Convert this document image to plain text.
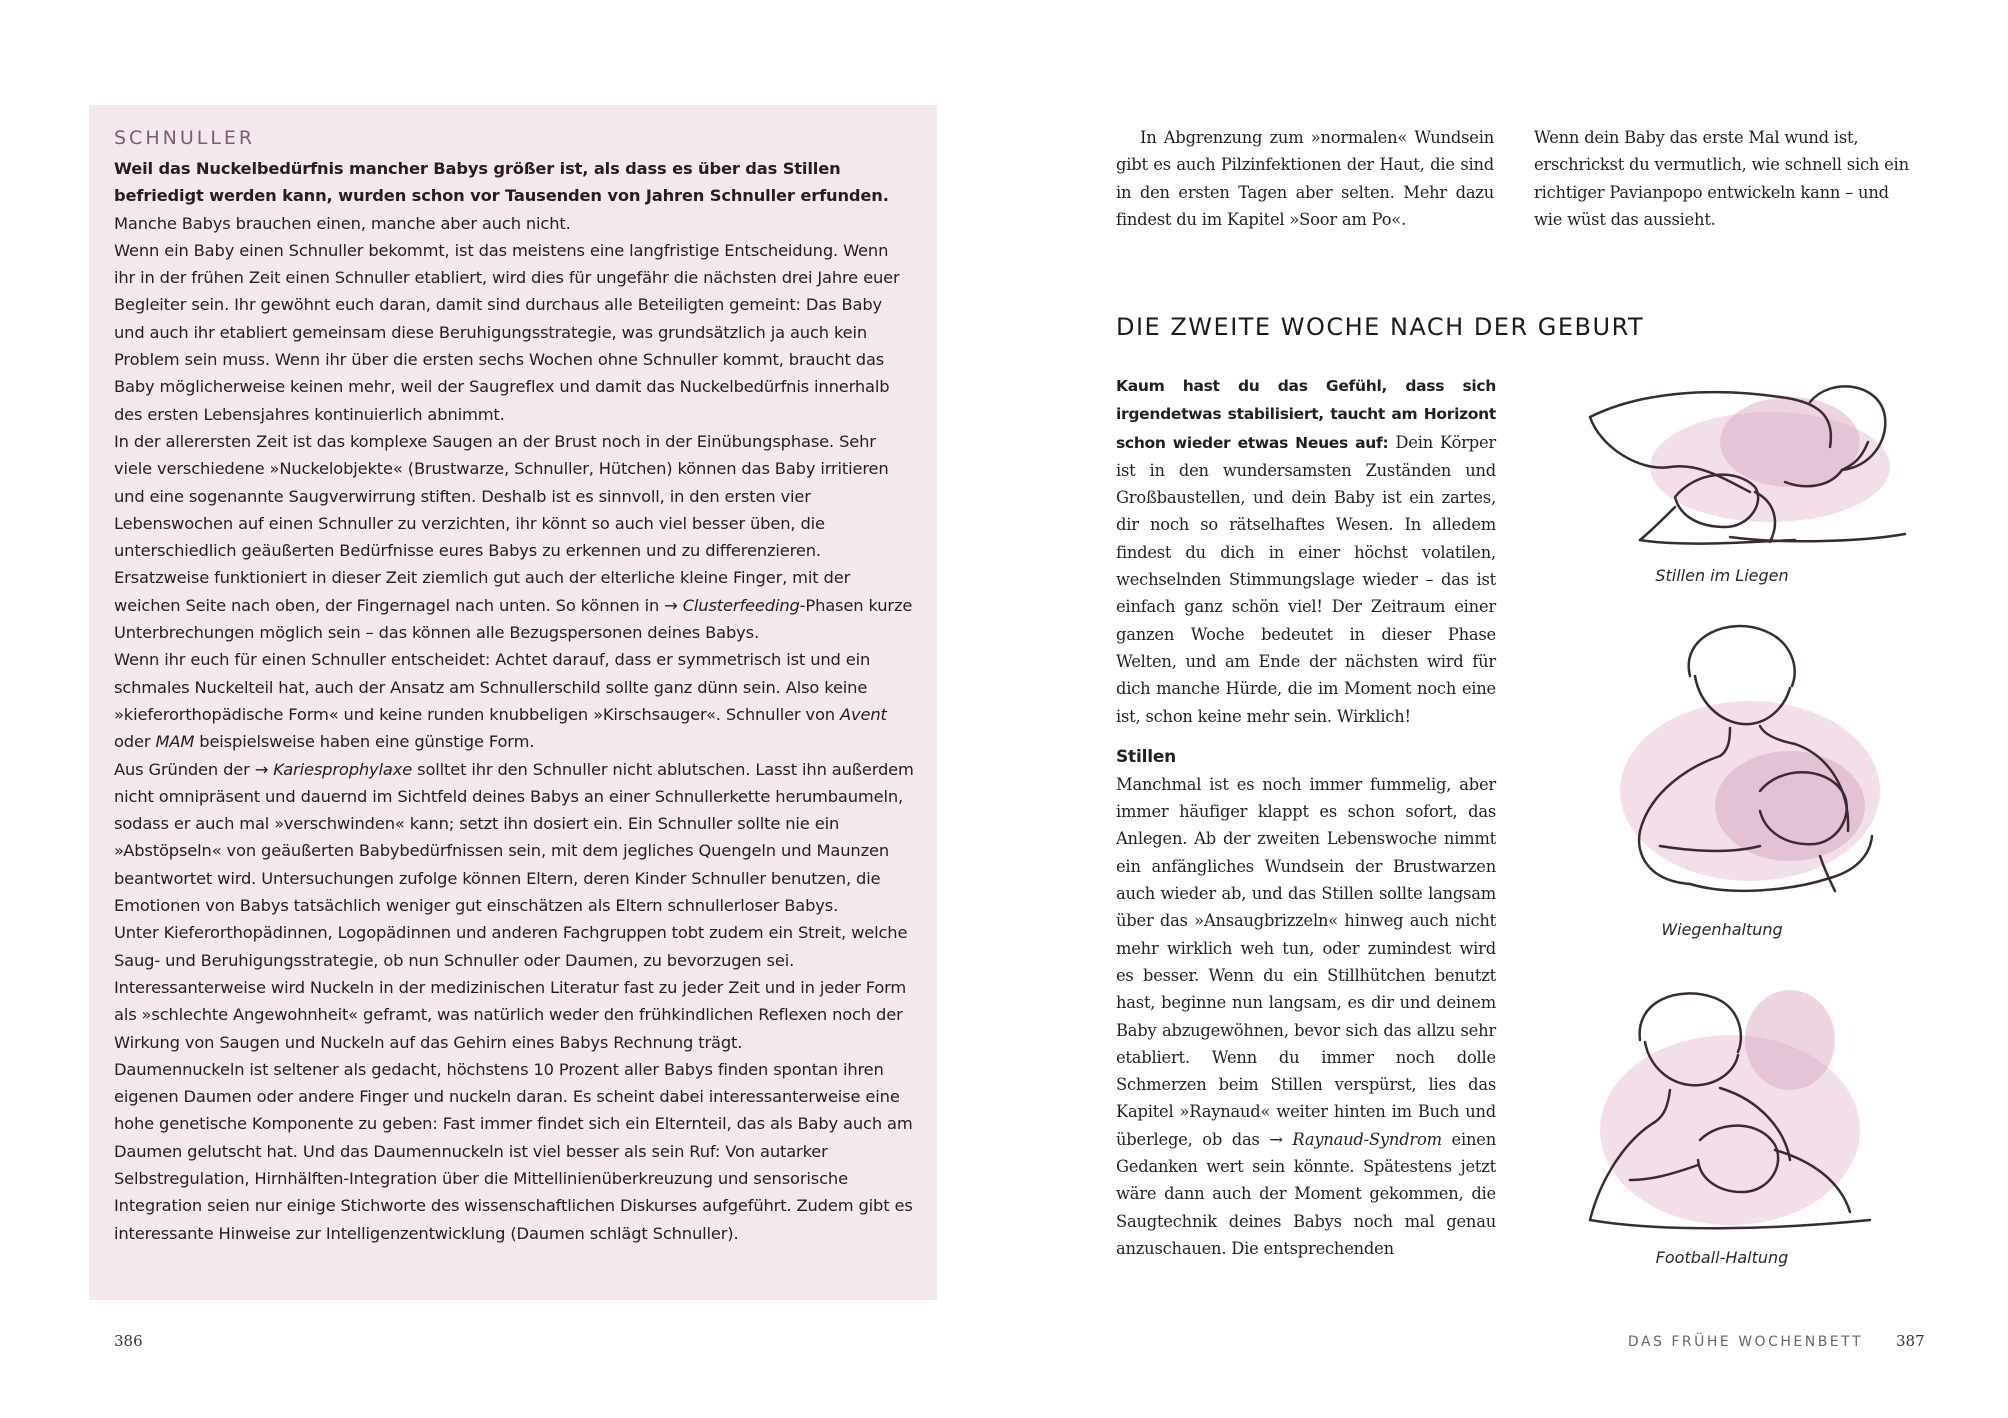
SCHNULLER

Weil das Nuckelbedürfnis mancher Babys größer ist, als dass es über das Stillen befriedigt werden kann, wurden schon vor Tausenden von Jahren Schnuller erfunden. Manche Babys brauchen einen, manche aber auch nicht.

Wenn ein Baby einen Schnuller bekommt, ist das meistens eine langfristige Entscheidung. Wenn ihr in der frühen Zeit einen Schnuller etabliert, wird dies für ungefähr die nächsten drei Jahre euer Begleiter sein. Ihr gewöhnt euch daran, damit sind durchaus alle Beteiligten gemeint: Das Baby und auch ihr etabliert gemeinsam diese Beruhigungsstrategie, was grundsätzlich ja auch kein Problem sein muss. Wenn ihr über die ersten sechs Wochen ohne Schnuller kommt, braucht das Baby möglicherweise keinen mehr, weil der Saugreflex und damit das Nuckelbedürfnis innerhalb des ersten Lebensjahres kontinuierlich abnimmt.

In der allerersten Zeit ist das komplexe Saugen an der Brust noch in der Einübungsphase. Sehr viele verschiedene »Nuckelobjekte« (Brustwarze, Schnuller, Hütchen) können das Baby irritieren und eine sogenannte Saugverwirrung stiften. Deshalb ist es sinnvoll, in den ersten vier Lebenswochen auf einen Schnuller zu verzichten, ihr könnt so auch viel besser üben, die unterschiedlich geäußerten Bedürfnisse eures Babys zu erkennen und zu differenzieren.

Ersatzweise funktioniert in dieser Zeit ziemlich gut auch der elterliche kleine Finger, mit der weichen Seite nach oben, der Fingernagel nach unten. So können in → Clusterfeeding-Phasen kurze Unterbrechungen möglich sein – das können alle Bezugspersonen deines Babys.

Wenn ihr euch für einen Schnuller entscheidet: Achtet darauf, dass er symmetrisch ist und ein schmales Nuckelteil hat, auch der Ansatz am Schnullerschild sollte ganz dünn sein. Also keine »kieferorthopädische Form« und keine runden knubbeligen »Kirschsauger«. Schnuller von Avent oder MAM beispielsweise haben eine günstige Form.

Aus Gründen der → Kariesprophylaxe solltet ihr den Schnuller nicht ablutschen. Lasst ihn außerdem nicht omnipräsent und dauernd im Sichtfeld deines Babys an einer Schnullerkette herumbaumeln, sodass er auch mal »verschwinden« kann; setzt ihn dosiert ein. Ein Schnuller sollte nie ein »Abstöpseln« von geäußerten Babybedürfnissen sein, mit dem jegliches Quengeln und Maunzen beantwortet wird. Untersuchungen zufolge können Eltern, deren Kinder Schnuller benutzen, die Emotionen von Babys tatsächlich weniger gut einschätzen als Eltern schnullerloser Babys.

Unter Kieferorthopädinnen, Logopädinnen und anderen Fachgruppen tobt zudem ein Streit, welche Saug- und Beruhigungsstrategie, ob nun Schnuller oder Daumen, zu bevorzugen sei. Interessanterweise wird Nuckeln in der medizinischen Literatur fast zu jeder Zeit und in jeder Form als »schlechte Angewohnheit« geframt, was natürlich weder den frühkindlichen Reflexen noch der Wirkung von Saugen und Nuckeln auf das Gehirn eines Babys Rechnung trägt.

Daumennuckeln ist seltener als gedacht, höchstens 10 Prozent aller Babys finden spontan ihren eigenen Daumen oder andere Finger und nuckeln daran. Es scheint dabei interessanterweise eine hohe genetische Komponente zu geben: Fast immer findet sich ein Elternteil, das als Baby auch am Daumen gelutscht hat. Und das Daumennuckeln ist viel besser als sein Ruf: Von autarker Selbstregulation, Hirnhälften-Integration über die Mittellinienüberkreuzung und sensorische Integration seien nur einige Stichworte des wissenschaftlichen Diskurses aufgeführt. Zudem gibt es interessante Hinweise zur Intelligenzentwicklung (Daumen schlägt Schnuller).

386
In Abgrenzung zum »normalen« Wundsein gibt es auch Pilzinfektionen der Haut, die sind in den ersten Tagen aber selten. Mehr dazu findest du im Kapitel »Soor am Po«.
Wenn dein Baby das erste Mal wund ist, erschrickst du vermutlich, wie schnell sich ein richtiger Pavianpopo entwickeln kann – und wie wüst das aussieht.
DIE ZWEITE WOCHE NACH DER GEBURT

Kaum hast du das Gefühl, dass sich irgendetwas stabilisiert, taucht am Horizont schon wieder etwas Neues auf: Dein Körper ist in den wundersamsten Zuständen und Großbaustellen, und dein Baby ist ein zartes, dir noch so rätselhaftes Wesen. In alledem findest du dich in einer höchst volatilen, wechselnden Stimmungslage wieder – das ist einfach ganz schön viel! Der Zeitraum einer ganzen Woche bedeutet in dieser Phase Welten, und am Ende der nächsten wird für dich manche Hürde, die im Moment noch eine ist, schon keine mehr sein. Wirklich!

Stillen

Manchmal ist es noch immer fummelig, aber immer häufiger klappt es schon sofort, das Anlegen. Ab der zweiten Lebenswoche nimmt ein anfängliches Wundsein der Brustwarzen auch wieder ab, und das Stillen sollte langsam über das »Ansaugbrizzeln« hinweg auch nicht mehr wirklich weh tun, oder zumindest wird es besser. Wenn du ein Stillhütchen benutzt hast, beginne nun langsam, es dir und deinem Baby abzugewöhnen, bevor sich das allzu sehr etabliert. Wenn du immer noch dolle Schmerzen beim Stillen verspürst, lies das Kapitel »Raynaud« weiter hinten im Buch und überlege, ob das → Raynaud-Syndrom einen Gedanken wert sein könnte. Spätestens jetzt wäre dann auch der Moment gekommen, die Saugtechnik deines Babys noch mal genau anzuschauen. Die entsprechenden

Stillen im Liegen
Wiegenhaltung
Football-Haltung
DAS FRÜHE WOCHENBETT 387
